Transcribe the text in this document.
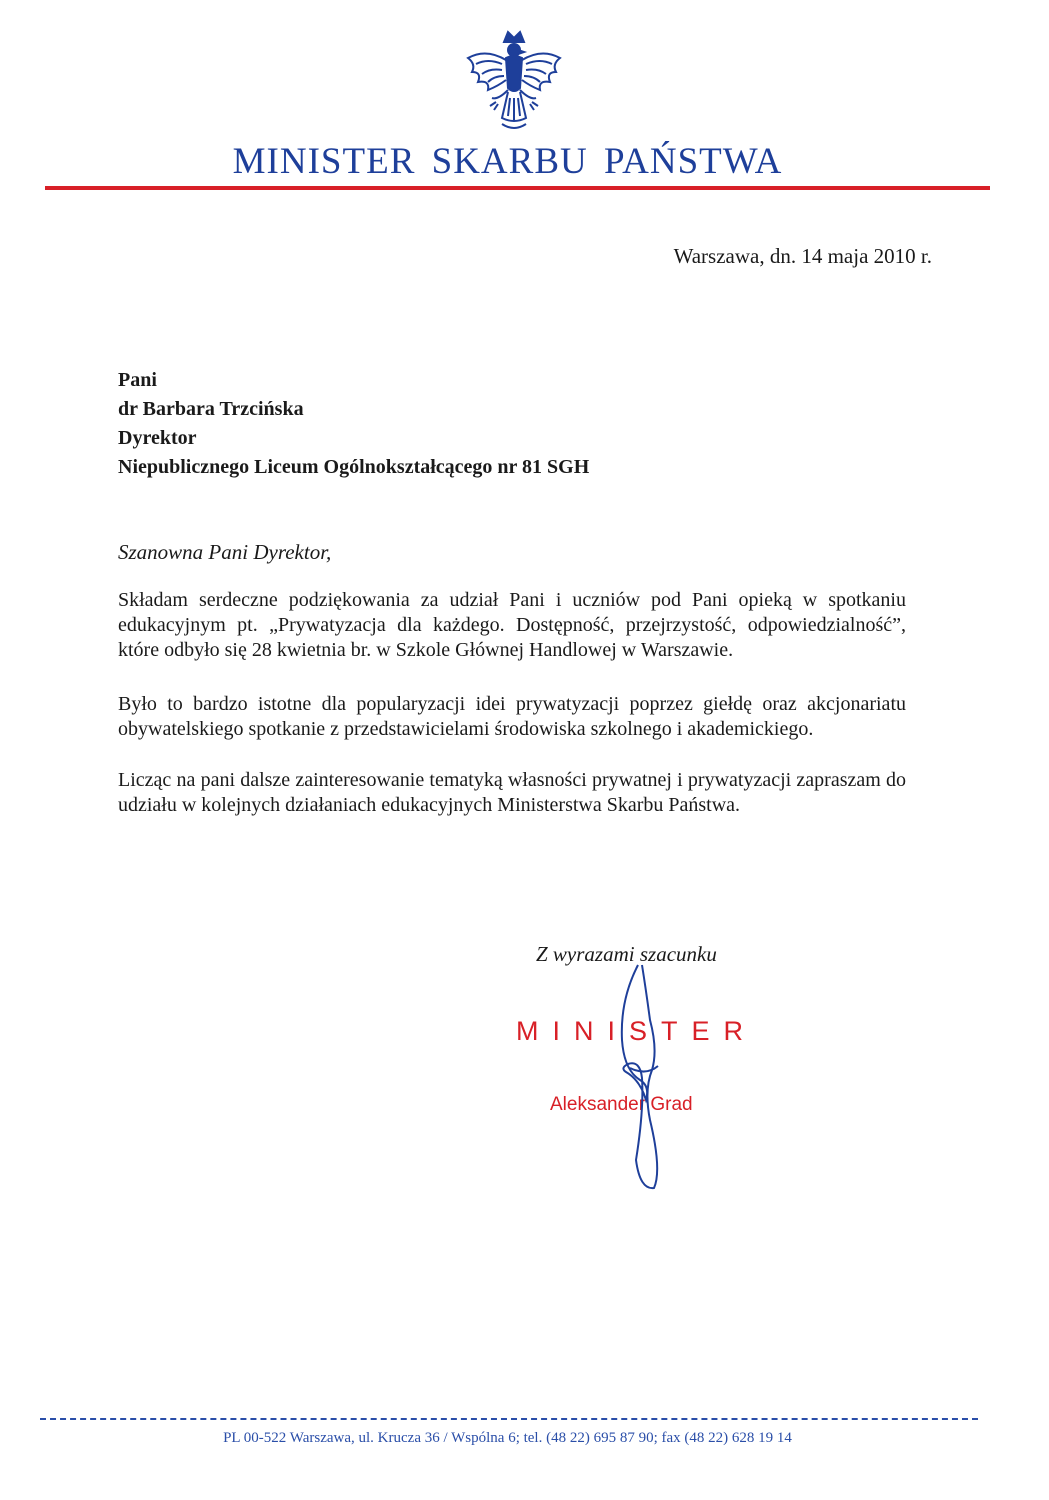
MINISTER SKARBU PAŃSTWA
Warszawa, dn. 14 maja 2010 r.
Pani
dr Barbara Trzcińska
Dyrektor
Niepublicznego Liceum Ogólnokształcącego nr 81 SGH
Szanowna Pani Dyrektor,
Składam serdeczne podziękowania za udział Pani i uczniów pod Pani opieką w spotkaniu edukacyjnym pt. „Prywatyzacja dla każdego. Dostępność, przejrzystość, odpowiedzialność”, które odbyło się 28 kwietnia br. w Szkole Głównej Handlowej w Warszawie.
Było to bardzo istotne dla popularyzacji idei prywatyzacji poprzez giełdę oraz akcjonariatu obywatelskiego spotkanie z przedstawicielami środowiska szkolnego i akademickiego.
Licząc na pani dalsze zainteresowanie tematyką własności prywatnej i prywatyzacji zapraszam do udziału w kolejnych działaniach edukacyjnych Ministerstwa Skarbu Państwa.
Z wyrazami szacunku
MINISTER
Aleksander Grad
PL 00-522 Warszawa, ul. Krucza 36 / Wspólna 6; tel. (48 22) 695 87 90; fax (48 22) 628 19 14
